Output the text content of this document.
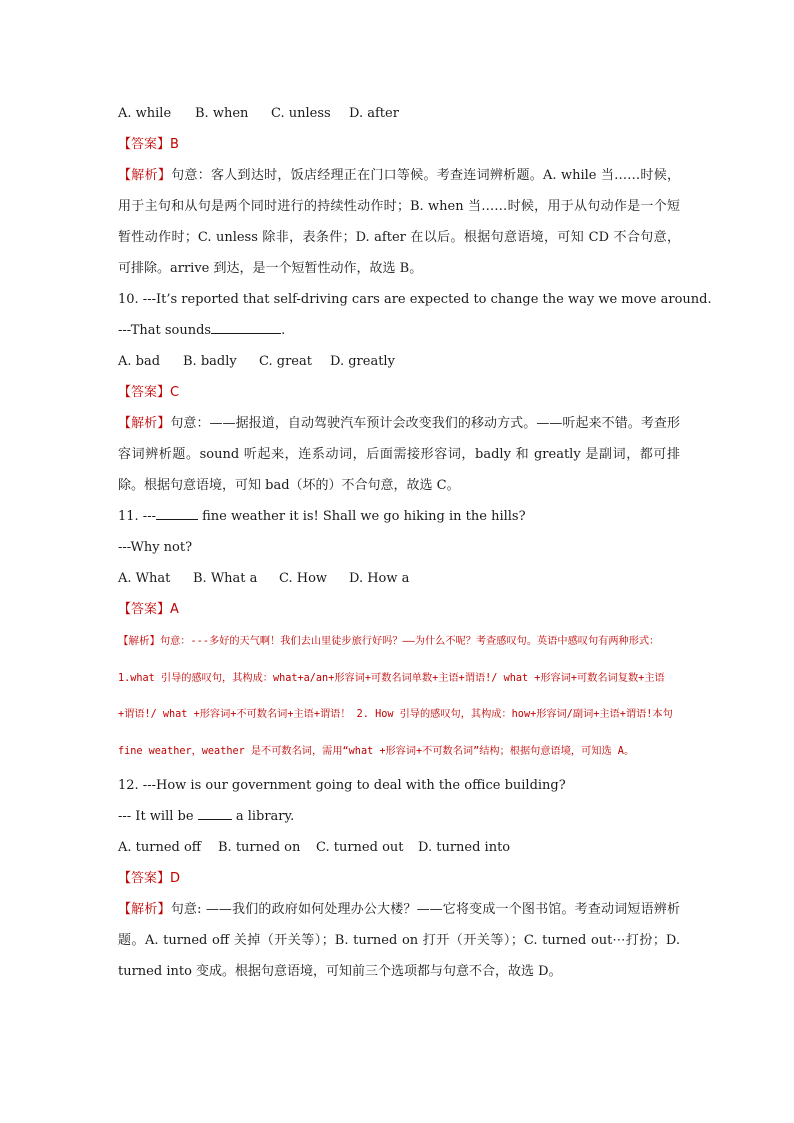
A. while B. when C. unless D. after
【答案】B
【解析】句意：客人到达时，饭店经理正在门口等候。考查连词辨析题。A. while 当……时候，用于主句和从句是两个同时进行的持续性动作时；B. when 当……时候，用于从句动作是一个短暂性动作时；C. unless 除非，表条件；D. after 在以后。根据句意语境，可知 CD 不合句意，可排除。arrive 到达，是一个短暂性动作，故选 B。
10. ---It’s reported that self-driving cars are expected to change the way we move around.
---That sounds	.
A. bad B. badly C. great D. greatly
【答案】C
【解析】句意：——据报道，自动驾驶汽车预计会改变我们的移动方式。——听起来不错。考查形容词辨析题。sound 听起来，连系动词，后面需接形容词，badly 和 greatly 是副词，都可排除。根据句意语境，可知 bad（坏的）不合句意，故选 C。
11. ---	fine weather it is! Shall we go hiking in the hills?
---Why not?
A. What B. What a C. How D. How a
【答案】A
【解析】句意：---多好的天气啊！我们去山里徒步旅行好吗？——为什么不呢？考查感叹句。英语中感叹句有两种形式：1.what 引导的感叹句，其构成：what+a/an+形容词+可数名词单数+主语+谓语!/ what +形容词+可数名词复数+主语+谓语!/ what +形容词+不可数名词+主语+谓语！ 2. How 引导的感叹句，其构成：how+形容词/副词+主语+谓语!本句 fine weather，weather 是不可数名词，需用“what +形容词+不可数名词”结构；根据句意语境，可知选 A。
12. ---How is our government going to deal with the office building?
--- It will be	a library.
A. turned off B. turned on C. turned out D. turned into
【答案】D
【解析】句意: ——我们的政府如何处理办公大楼？——它将变成一个图书馆。考查动词短语辨析题。A. turned off 关掉（开关等）；B. turned on 打开（开关等）；C. turned out⋯打扮；D. turned into 变成。根据句意语境，可知前三个选项都与句意不合，故选 D。
